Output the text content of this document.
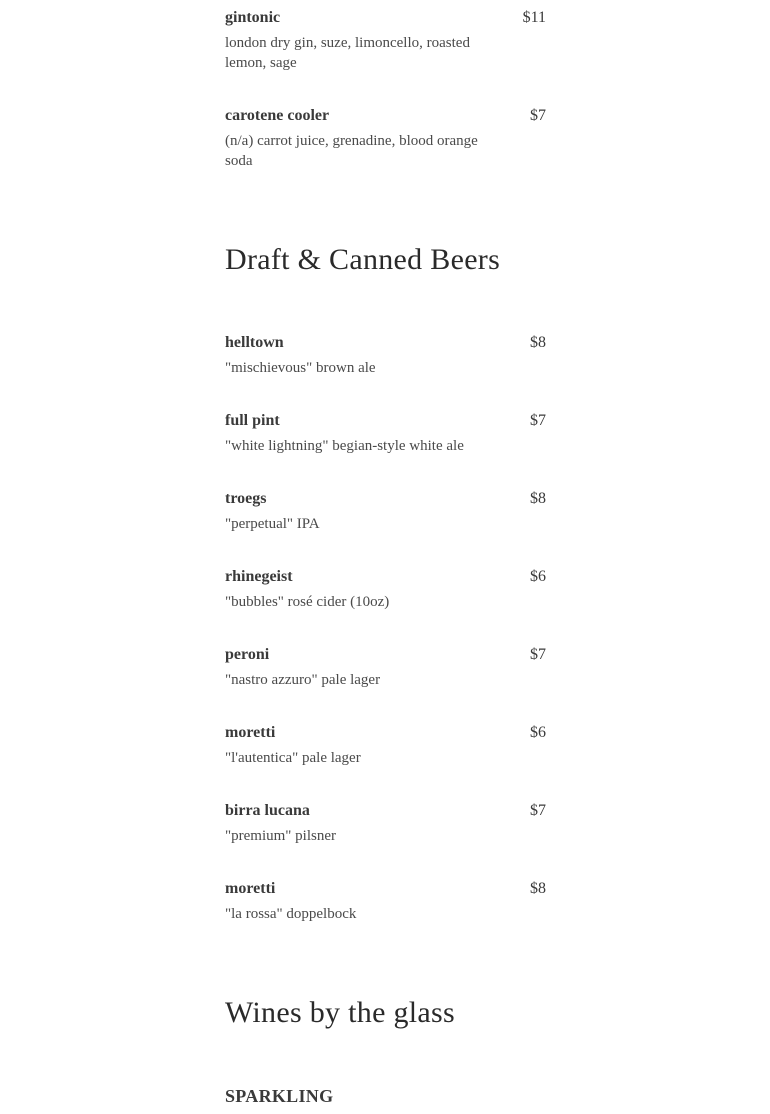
gintonic	$11
london dry gin, suze, limoncello, roasted lemon, sage
carotene cooler	$7
(n/a) carrot juice, grenadine, blood orange soda
Draft & Canned Beers
helltown	$8
"mischievous" brown ale
full pint	$7
"white lightning" begian-style white ale
troegs	$8
"perpetual" IPA
rhinegeist	$6
"bubbles" rosé cider (10oz)
peroni	$7
"nastro azzuro" pale lager
moretti	$6
"l'autentica" pale lager
birra lucana	$7
"premium" pilsner
moretti	$8
"la rossa" doppelbock
Wines by the glass
SPARKLING
